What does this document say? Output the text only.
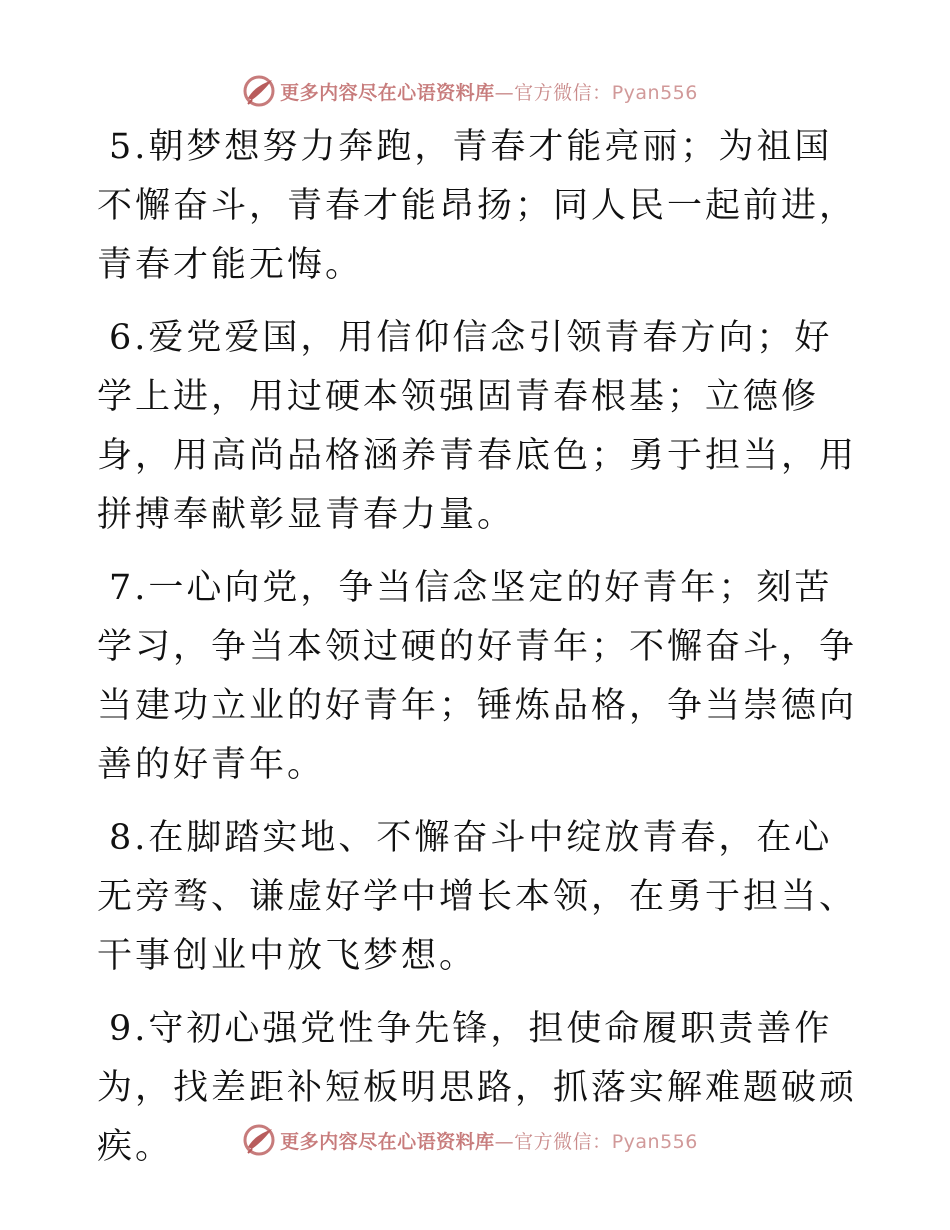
更多内容尽在心语资料库—官方微信：Pyan556

5.朝梦想努力奔跑，青春才能亮丽；为祖国不懈奋斗，青春才能昂扬；同人民一起前进，青春才能无悔。

6.爱党爱国，用信仰信念引领青春方向；好学上进，用过硬本领强固青春根基；立德修身，用高尚品格涵养青春底色；勇于担当，用拼搏奉献彰显青春力量。

7.一心向党，争当信念坚定的好青年；刻苦学习，争当本领过硬的好青年；不懈奋斗，争当建功立业的好青年；锤炼品格，争当崇德向善的好青年。

8.在脚踏实地、不懈奋斗中绽放青春，在心无旁骛、谦虚好学中增长本领，在勇于担当、干事创业中放飞梦想。

9.守初心强党性争先锋，担使命履职责善作为，找差距补短板明思路，抓落实解难题破顽疾。	更多内容尽在心语资料库—官方微信：Pyan556
